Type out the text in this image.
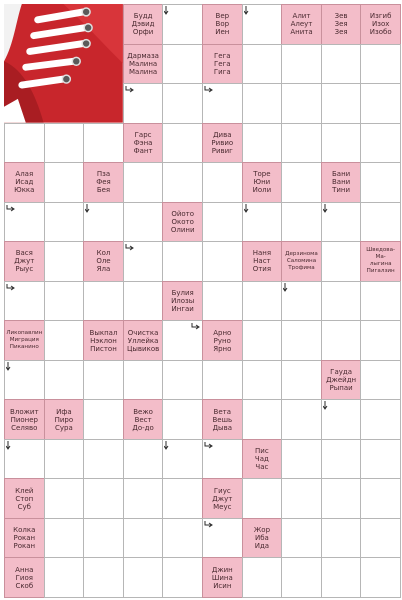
Будд
Дэвид
Орфи
Вер
Вор
Иен
Алит
Алеут
Анита
Зев
Зея
Зея
Изгиб
Изох
Изобо
Дармаза
Малина
Малина
Гега
Гега
Гига
Гарс
Фэна
Фант
Дива
Ривио
Ривиг
Алая
Исад
Юкка
Пза
Фея
Бея
Торе
Юни
Иоли
Бани
Вани
Тини
Ойото
Окото
Олини
Вася
Джут
Рыус
Кол
Оле
Яла
Наня
Наст
Отия
Дерзинома
Саломина
Трофима
Шведова-
Ма-
лыгина
Пигалзин
Булия
Илозы
Ингаи
Ликопавлин
Миграция
Пиканино
Выкпал
Нэклон
Пистон
Очистка
Уллейка
Цывиков
Арно
Руно
Ярно
Гауда
Джейдн
Рыпаи
Вложит
Пионер
Селяво
Ифа
Пиро
Сура
Вежо
Вест
До-до
Вета
Вешь
Дыва
Пис
Чад
Час
Клей
Стоп
Суб
Гиус
Джут
Меус
Колка
Рокан
Рокан
Жор
Иба
Ида
Анна
Гиоя
Скоб
Джин
Шина
Исин
